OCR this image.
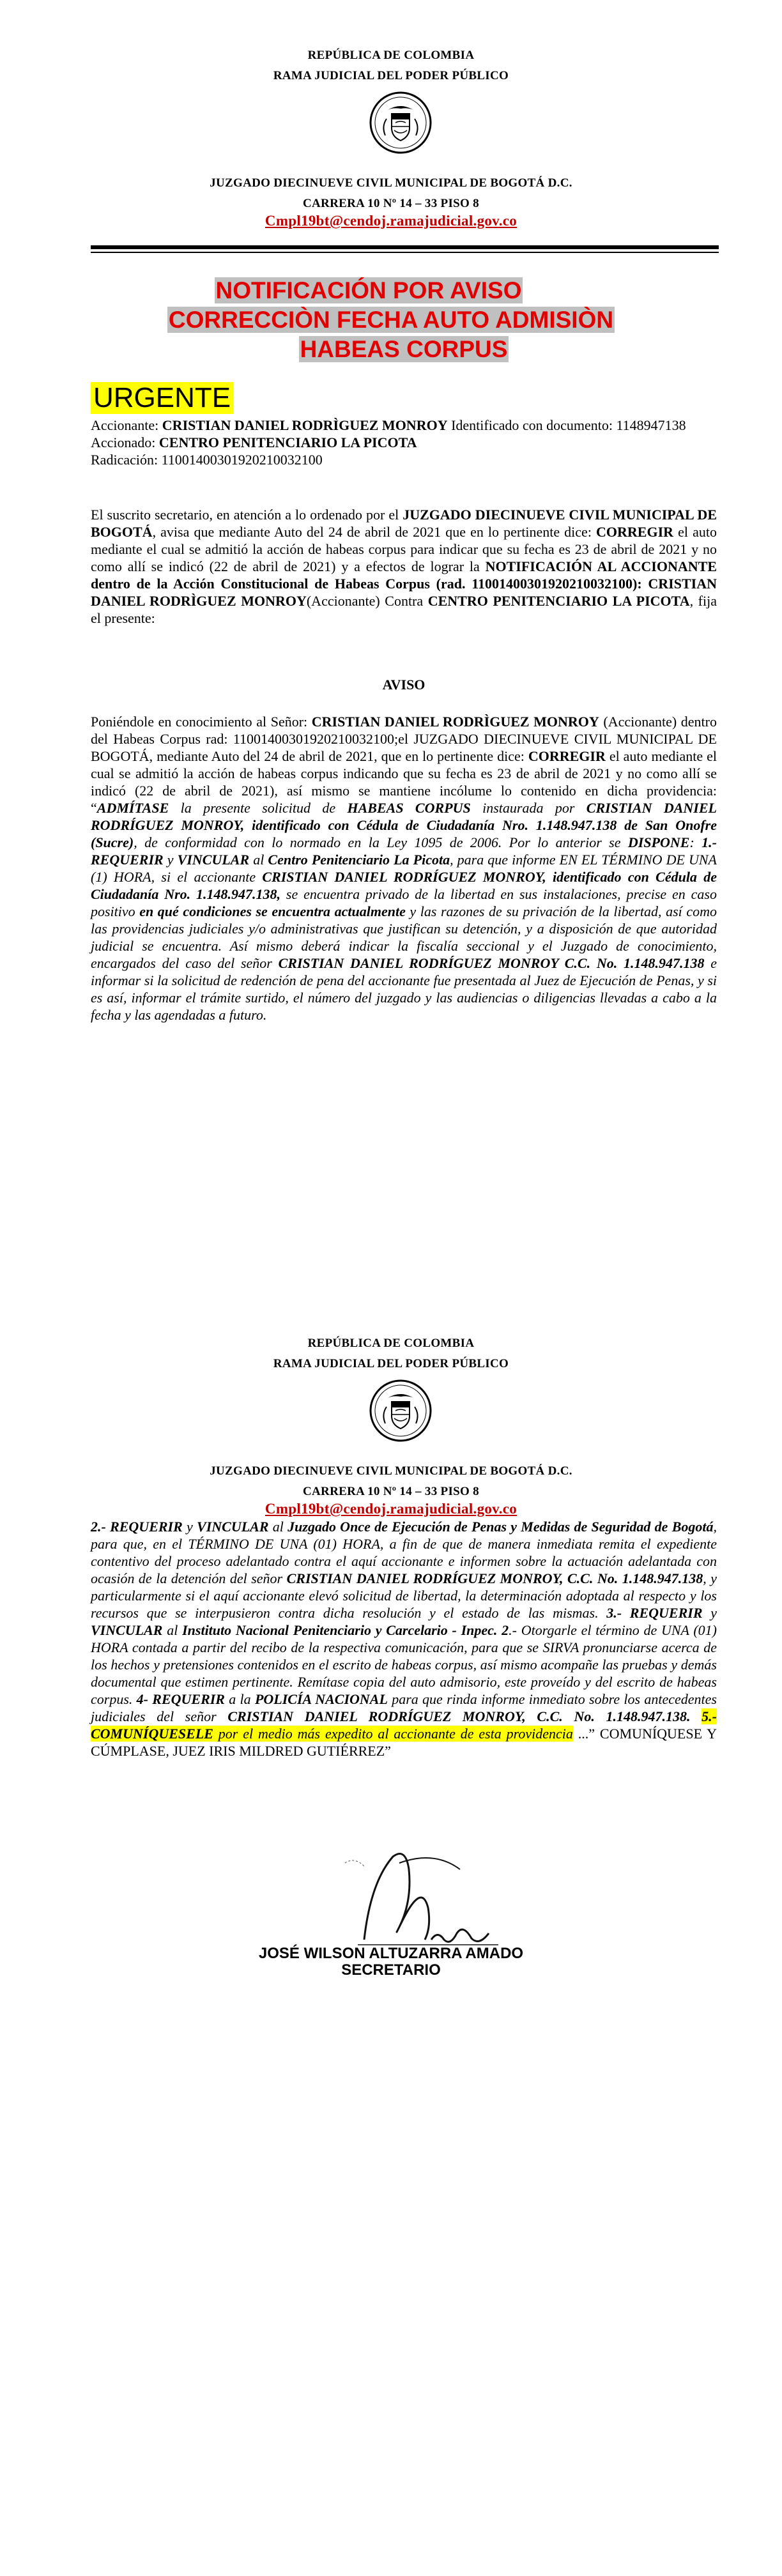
REPÚBLICA DE COLOMBIA
RAMA JUDICIAL DEL PODER PÚBLICO
JUZGADO DIECINUEVE CIVIL MUNICIPAL DE BOGOTÁ D.C.
CARRERA 10 Nº 14 – 33 PISO 8
Cmpl19bt@cendoj.ramajudicial.gov.co
NOTIFICACIÓN POR AVISO
CORRECCIÒN FECHA AUTO ADMISIÒN
HABEAS CORPUS
URGENTE

Accionante: CRISTIAN DANIEL RODRÌGUEZ MONROY Identificado con documento: 1148947138

Accionado: CENTRO PENITENCIARIO LA PICOTA

Radicación: 11001400301920210032100

El suscrito secretario, en atención a lo ordenado por el JUZGADO DIECINUEVE CIVIL MUNICIPAL DE BOGOTÁ, avisa que mediante Auto del 24 de abril de 2021 que en lo pertinente dice: CORREGIR el auto mediante el cual se admitió la acción de habeas corpus para indicar que su fecha es 23 de abril de 2021 y no como allí se indicó (22 de abril de 2021) y a efectos de lograr la NOTIFICACIÓN AL ACCIONANTE dentro de la Acción Constitucional de Habeas Corpus (rad. 11001400301920210032100): CRISTIAN DANIEL RODRÌGUEZ MONROY(Accionante) Contra CENTRO PENITENCIARIO LA PICOTA, fija el presente:

AVISO

Poniéndole en conocimiento al Señor: CRISTIAN DANIEL RODRÌGUEZ MONROY (Accionante) dentro del Habeas Corpus rad: 11001400301920210032100;el JUZGADO DIECINUEVE CIVIL MUNICIPAL DE BOGOTÁ, mediante Auto del 24 de abril de 2021, que en lo pertinente dice: CORREGIR el auto mediante el cual se admitió la acción de habeas corpus indicando que su fecha es 23 de abril de 2021 y no como allí se indicó (22 de abril de 2021), así mismo se mantiene incólume lo contenido en dicha providencia: “ADMÍTASE la presente solicitud de HABEAS CORPUS instaurada por CRISTIAN DANIEL RODRÍGUEZ MONROY, identificado con Cédula de Ciudadanía Nro. 1.148.947.138 de San Onofre (Sucre), de conformidad con lo normado en la Ley 1095 de 2006. Por lo anterior se DISPONE: 1.- REQUERIR y VINCULAR al Centro Penitenciario La Picota, para que informe EN EL TÉRMINO DE UNA (1) HORA, si el accionante CRISTIAN DANIEL RODRÍGUEZ MONROY, identificado con Cédula de Ciudadanía Nro. 1.148.947.138, se encuentra privado de la libertad en sus instalaciones, precise en caso positivo en qué condiciones se encuentra actualmente y las razones de su privación de la libertad, así como las providencias judiciales y/o administrativas que justifican su detención, y a disposición de que autoridad judicial se encuentra. Así mismo deberá indicar la fiscalía seccional y el Juzgado de conocimiento, encargados del caso del señor CRISTIAN DANIEL RODRÍGUEZ MONROY C.C. No. 1.148.947.138 e informar si la solicitud de redención de pena del accionante fue presentada al Juez de Ejecución de Penas, y si es así, informar el trámite surtido, el número del juzgado y las audiencias o diligencias llevadas a cabo a la fecha y las agendadas a futuro.

REPÚBLICA DE COLOMBIA
RAMA JUDICIAL DEL PODER PÚBLICO
JUZGADO DIECINUEVE CIVIL MUNICIPAL DE BOGOTÁ D.C.
CARRERA 10 Nº 14 – 33 PISO 8
Cmpl19bt@cendoj.ramajudicial.gov.co

2.- REQUERIR y VINCULAR al Juzgado Once de Ejecución de Penas y Medidas de Seguridad de Bogotá, para que, en el TÉRMINO DE UNA (01) HORA, a fin de que de manera inmediata remita el expediente contentivo del proceso adelantado contra el aquí accionante e informen sobre la actuación adelantada con ocasión de la detención del señor CRISTIAN DANIEL RODRÍGUEZ MONROY, C.C. No. 1.148.947.138, y particularmente si el aquí accionante elevó solicitud de libertad, la determinación adoptada al respecto y los recursos que se interpusieron contra dicha resolución y el estado de las mismas. 3.- REQUERIR y VINCULAR al Instituto Nacional Penitenciario y Carcelario - Inpec. 2.- Otorgarle el término de UNA (01) HORA contada a partir del recibo de la respectiva comunicación, para que se SIRVA pronunciarse acerca de los hechos y pretensiones contenidos en el escrito de habeas corpus, así mismo acompañe las pruebas y demás documental que estimen pertinente. Remítase copia del auto admisorio, este proveído y del escrito de habeas corpus. 4- REQUERIR a la POLICÍA NACIONAL para que rinda informe inmediato sobre los antecedentes judiciales del señor CRISTIAN DANIEL RODRÍGUEZ MONROY, C.C. No. 1.148.947.138. 5.- COMUNÍQUESELE por el medio más expedito al accionante de esta providencia ...” COMUNÍQUESE Y CÚMPLASE, JUEZ IRIS MILDRED GUTIÉRREZ”

JOSÉ WILSON ALTUZARRA AMADO
SECRETARIO
